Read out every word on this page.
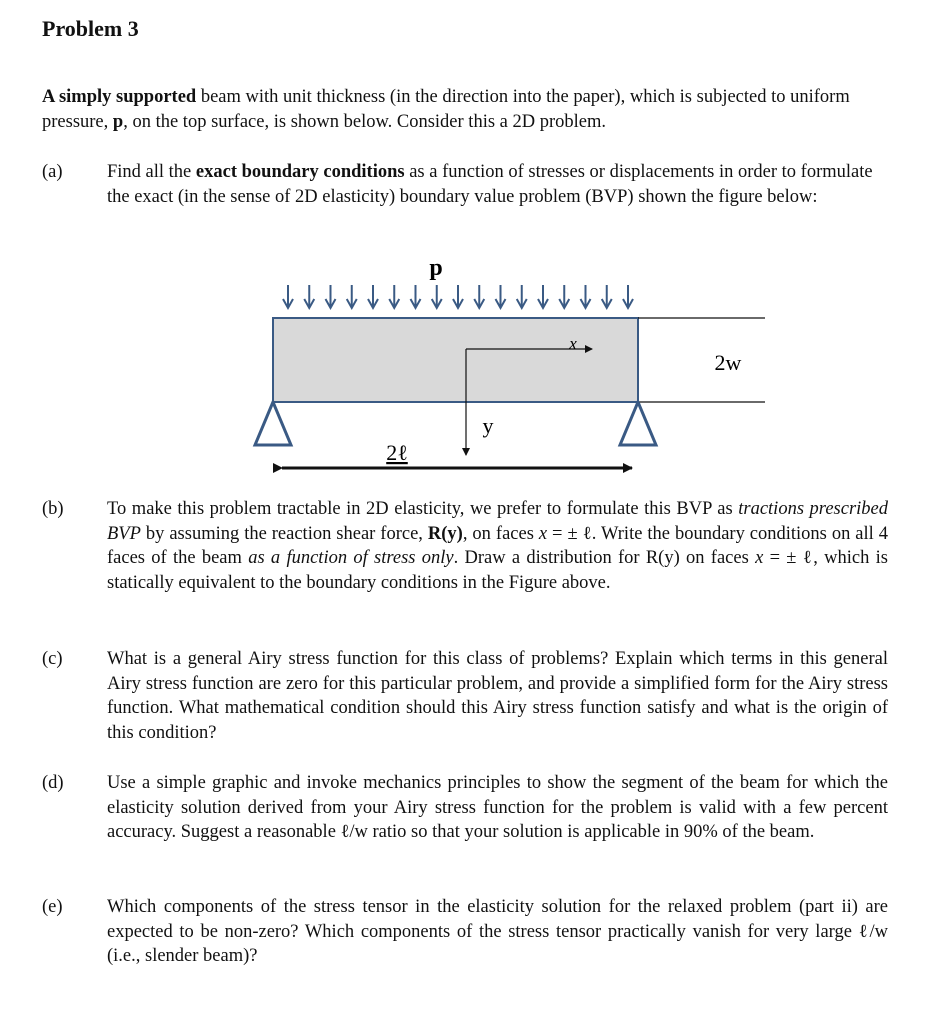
Problem 3
A simply supported beam with unit thickness (in the direction into the paper), which is subjected to uniform pressure, p, on the top surface, is shown below. Consider this a 2D problem.
(a) Find all the exact boundary conditions as a function of stresses or displacements in order to formulate the exact (in the sense of 2D elasticity) boundary value problem (BVP) shown the figure below:
p
2w
x
y
2ℓ
(b) To make this problem tractable in 2D elasticity, we prefer to formulate this BVP as tractions prescribed BVP by assuming the reaction shear force, R(y), on faces x = ± ℓ. Write the boundary conditions on all 4 faces of the beam as a function of stress only. Draw a distribution for R(y) on faces x = ± ℓ, which is statically equivalent to the boundary conditions in the Figure above.
(c) What is a general Airy stress function for this class of problems? Explain which terms in this general Airy stress function are zero for this particular problem, and provide a simplified form for the Airy stress function. What mathematical condition should this Airy stress function satisfy and what is the origin of this condition?
(d) Use a simple graphic and invoke mechanics principles to show the segment of the beam for which the elasticity solution derived from your Airy stress function for the problem is valid with a few percent accuracy. Suggest a reasonable ℓ/w ratio so that your solution is applicable in 90% of the beam.
(e) Which components of the stress tensor in the elasticity solution for the relaxed problem (part ii) are expected to be non-zero? Which components of the stress tensor practically vanish for very large ℓ/w (i.e., slender beam)?
